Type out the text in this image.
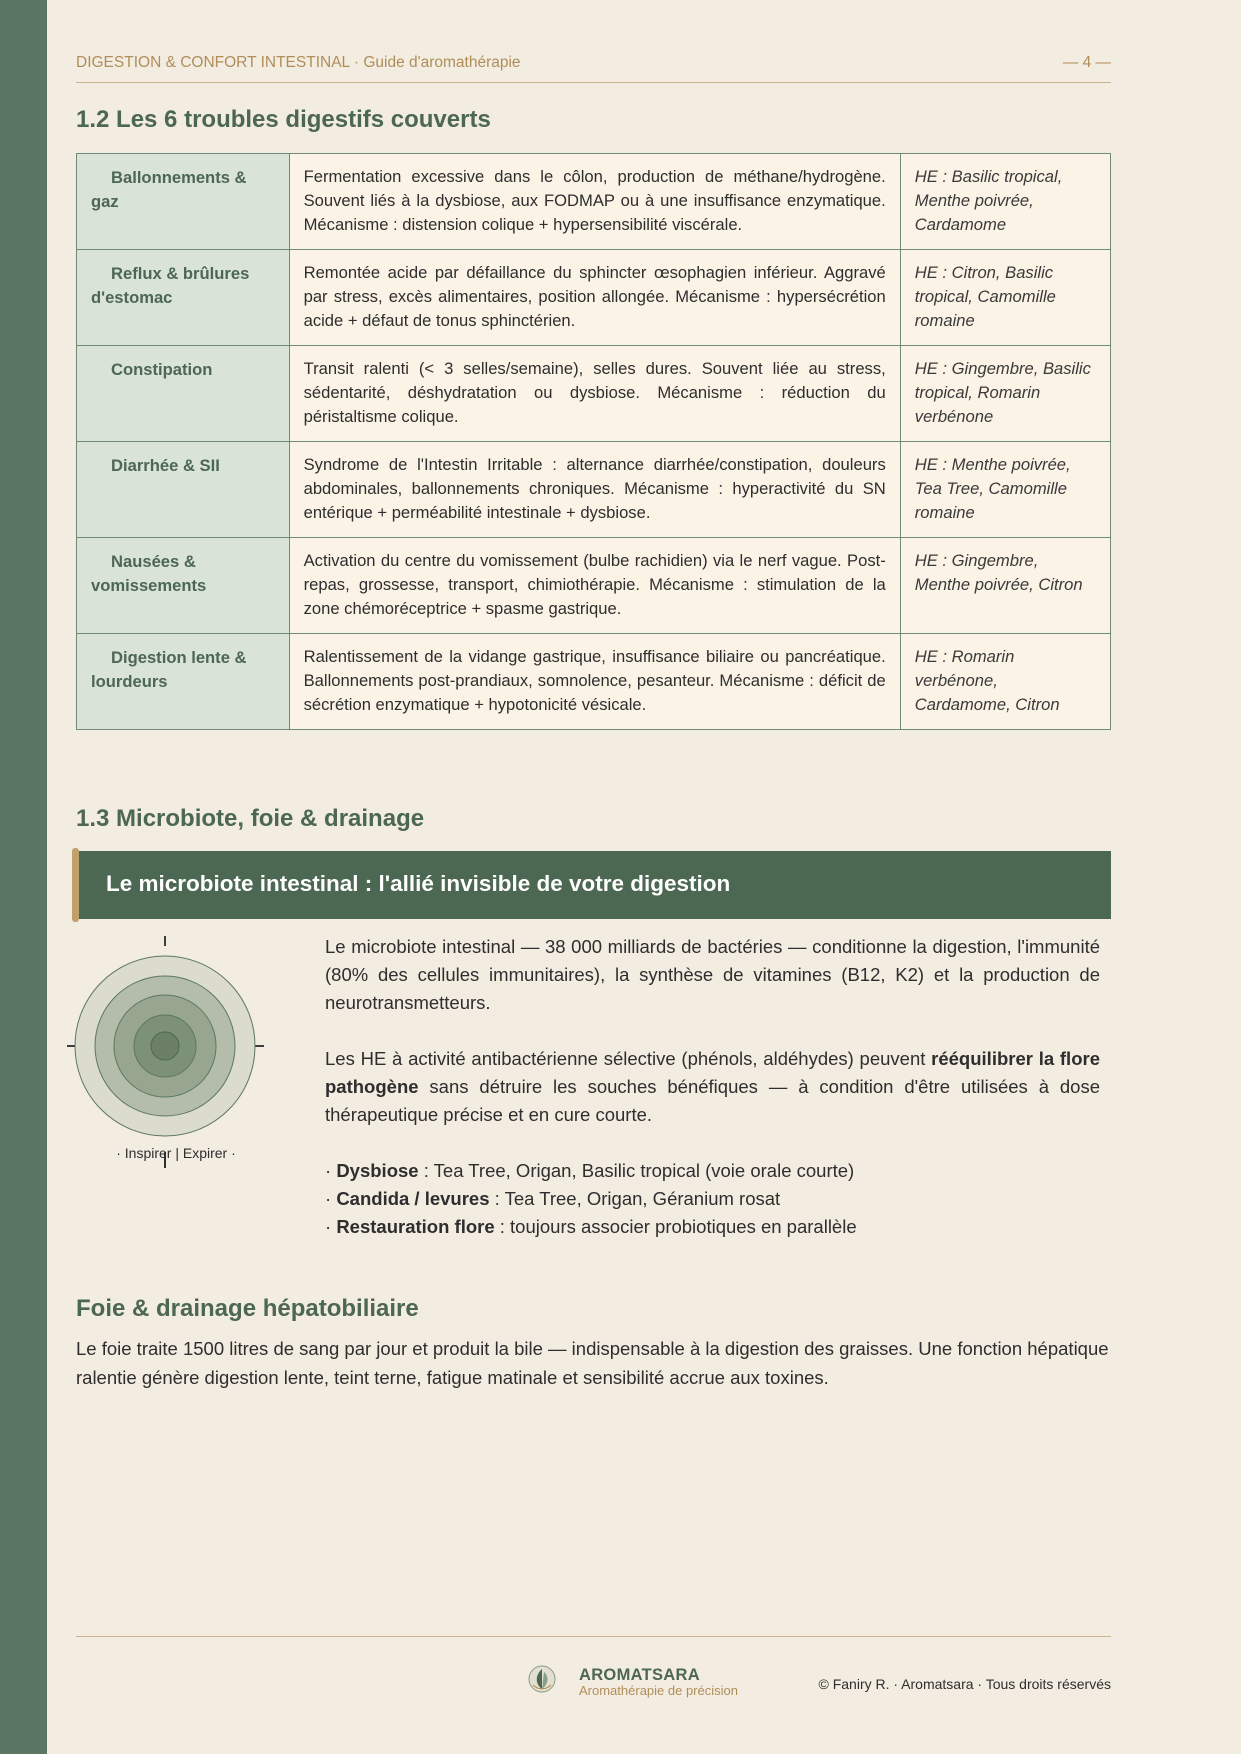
DIGESTION & CONFORT INTESTINAL · Guide d'aromathérapie	— 4 —
1.2 Les 6 troubles digestifs couverts
Ballonnements & gaz	Fermentation excessive dans le côlon, production de méthane/hydrogène. Souvent liés à la dysbiose, aux FODMAP ou à une insuffisance enzymatique. Mécanisme : distension colique + hypersensibilité viscérale.	HE : Basilic tropical, Menthe poivrée, Cardamome
Reflux & brûlures d'estomac	Remontée acide par défaillance du sphincter œsophagien inférieur. Aggravé par stress, excès alimentaires, position allongée. Mécanisme : hypersécrétion acide + défaut de tonus sphinctérien.	HE : Citron, Basilic tropical, Camomille romaine
Constipation	Transit ralenti (< 3 selles/semaine), selles dures. Souvent liée au stress, sédentarité, déshydratation ou dysbiose. Mécanisme : réduction du péristaltisme colique.	HE : Gingembre, Basilic tropical, Romarin verbénone
Diarrhée & SII	Syndrome de l'Intestin Irritable : alternance diarrhée/constipation, douleurs abdominales, ballonnements chroniques. Mécanisme : hyperactivité du SN entérique + perméabilité intestinale + dysbiose.	HE : Menthe poivrée, Tea Tree, Camomille romaine
Nausées & vomissements	Activation du centre du vomissement (bulbe rachidien) via le nerf vague. Post-repas, grossesse, transport, chimiothérapie. Mécanisme : stimulation de la zone chémoréceptrice + spasme gastrique.	HE : Gingembre, Menthe poivrée, Citron
Digestion lente & lourdeurs	Ralentissement de la vidange gastrique, insuffisance biliaire ou pancréatique. Ballonnements post-prandiaux, somnolence, pesanteur. Mécanisme : déficit de sécrétion enzymatique + hypotonicité vésicale.	HE : Romarin verbénone, Cardamome, Citron
1.3 Microbiote, foie & drainage
Le microbiote intestinal : l'allié invisible de votre digestion
· Inspirer | Expirer ·

Le microbiote intestinal — 38 000 milliards de bactéries — conditionne la digestion, l'immunité (80% des cellules immunitaires), la synthèse de vitamines (B12, K2) et la production de neurotransmetteurs.

Les HE à activité antibactérienne sélective (phénols, aldéhydes) peuvent rééquilibrer la flore pathogène sans détruire les souches bénéfiques — à condition d'être utilisées à dose thérapeutique précise et en cure courte.

· Dysbiose : Tea Tree, Origan, Basilic tropical (voie orale courte)
· Candida / levures : Tea Tree, Origan, Géranium rosat
· Restauration flore : toujours associer probiotiques en parallèle
Foie & drainage hépatobiliaire

Le foie traite 1500 litres de sang par jour et produit la bile — indispensable à la digestion des graisses. Une fonction hépatique ralentie génère digestion lente, teint terne, fatigue matinale et sensibilité accrue aux toxines.

AROMATSARA
Aromathérapie de précision	© Faniry R. · Aromatsara · Tous droits réservés
